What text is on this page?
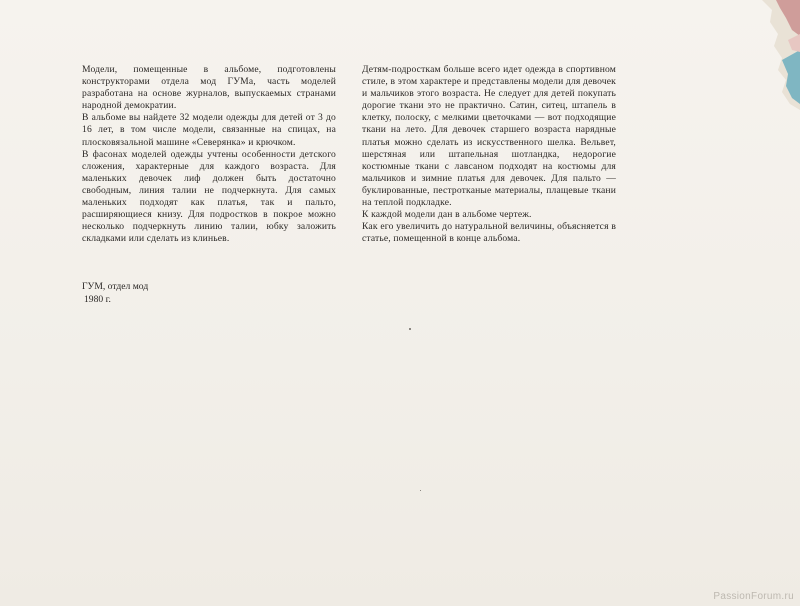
Модели, помещенные в альбоме, подготовлены конструкторами отдела мод ГУМа, часть моделей разработана на основе журналов, выпускаемых странами народной демократии.

В альбоме вы найдете 32 модели одежды для детей от 3 до 16 лет, в том числе модели, связанные на спицах, на плосковязальной машине «Северянка» и крючком.

В фасонах моделей одежды учтены особенности детского сложения, характерные для каждого возраста. Для маленьких девочек лиф должен быть достаточно свободным, линия талии не подчеркнута. Для самых маленьких подходят как платья, так и пальто, расширяющиеся книзу. Для подростков в покрое можно несколько подчеркнуть линию талии, юбку заложить складками или сделать из клиньев.

ГУМ, отдел мод
1980 г.

Детям-подросткам больше всего идет одежда в спортивном стиле, в этом характере и представлены модели для девочек и мальчиков этого возраста. Не следует для детей покупать дорогие ткани это не практично. Сатин, ситец, штапель в клетку, полоску, с мелкими цветочками — вот подходящие ткани на лето. Для девочек старшего возраста нарядные платья можно сделать из искусственного шелка. Вельвет, шерстяная или штапельная шотландка, недорогие костюмные ткани с лавсаном подходят на костюмы для мальчиков и зимние платья для девочек. Для пальто — буклированные, пестротканые материалы, плащевые ткани на теплой подкладке.

К каждой модели дан в альбоме чертеж.

Как его увеличить до натуральной величины, объясняется в статье, помещенной в конце альбома.

PassionForum.ru
